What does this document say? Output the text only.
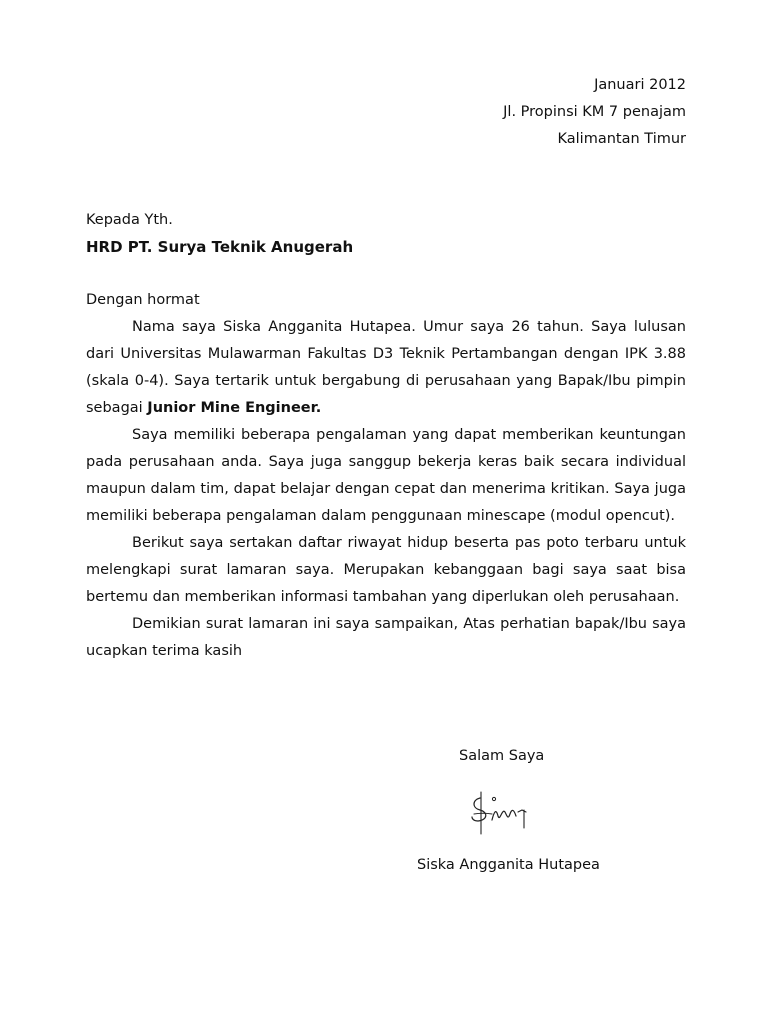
Januari 2012
Jl. Propinsi KM 7 penajam
Kalimantan Timur
Kepada Yth.
HRD PT. Surya Teknik Anugerah

Dengan hormat

Nama saya Siska Angganita Hutapea. Umur saya 26 tahun. Saya lulusan dari Universitas Mulawarman Fakultas D3 Teknik Pertambangan dengan IPK 3.88 (skala 0-4). Saya tertarik untuk bergabung di perusahaan yang Bapak/Ibu pimpin sebagai Junior Mine Engineer.

Saya memiliki beberapa pengalaman yang dapat memberikan keuntungan pada perusahaan anda. Saya juga sanggup bekerja keras baik secara individual maupun dalam tim, dapat belajar dengan cepat dan menerima kritikan. Saya juga memiliki beberapa pengalaman dalam penggunaan minescape (modul opencut).

Berikut saya sertakan daftar riwayat hidup beserta pas poto terbaru untuk melengkapi surat lamaran saya. Merupakan kebanggaan bagi saya saat bisa bertemu dan memberikan informasi tambahan yang diperlukan oleh perusahaan.

Demikian surat lamaran ini saya sampaikan, Atas perhatian bapak/Ibu saya ucapkan terima kasih

Salam Saya
Siska Angganita Hutapea
